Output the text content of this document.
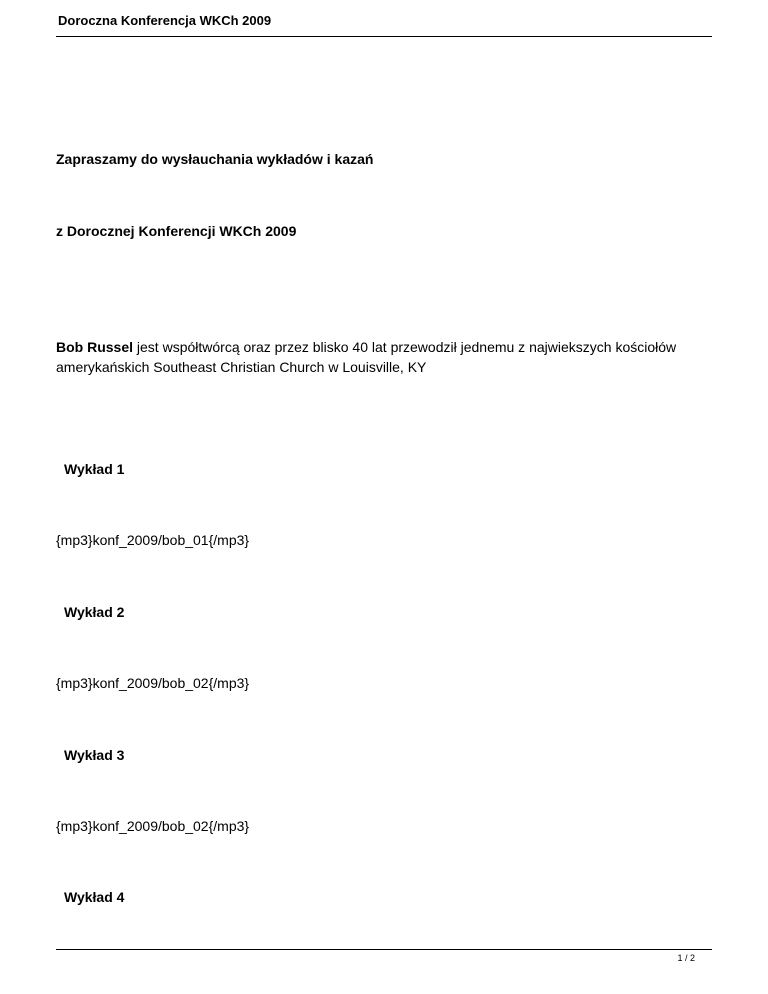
Doroczna Konferencja WKCh 2009
Zapraszamy do wysłauchania wykładów i kazań
z Dorocznej Konferencji WKCh 2009
Bob Russel jest współtwórcą oraz przez blisko 40 lat przewodził jednemu z najwiekszych kościołów amerykańskich Southeast Christian Church w Louisville, KY
Wykład 1
{mp3}konf_2009/bob_01{/mp3}
Wykład 2
{mp3}konf_2009/bob_02{/mp3}
Wykład 3
{mp3}konf_2009/bob_02{/mp3}
Wykład 4
1 / 2
